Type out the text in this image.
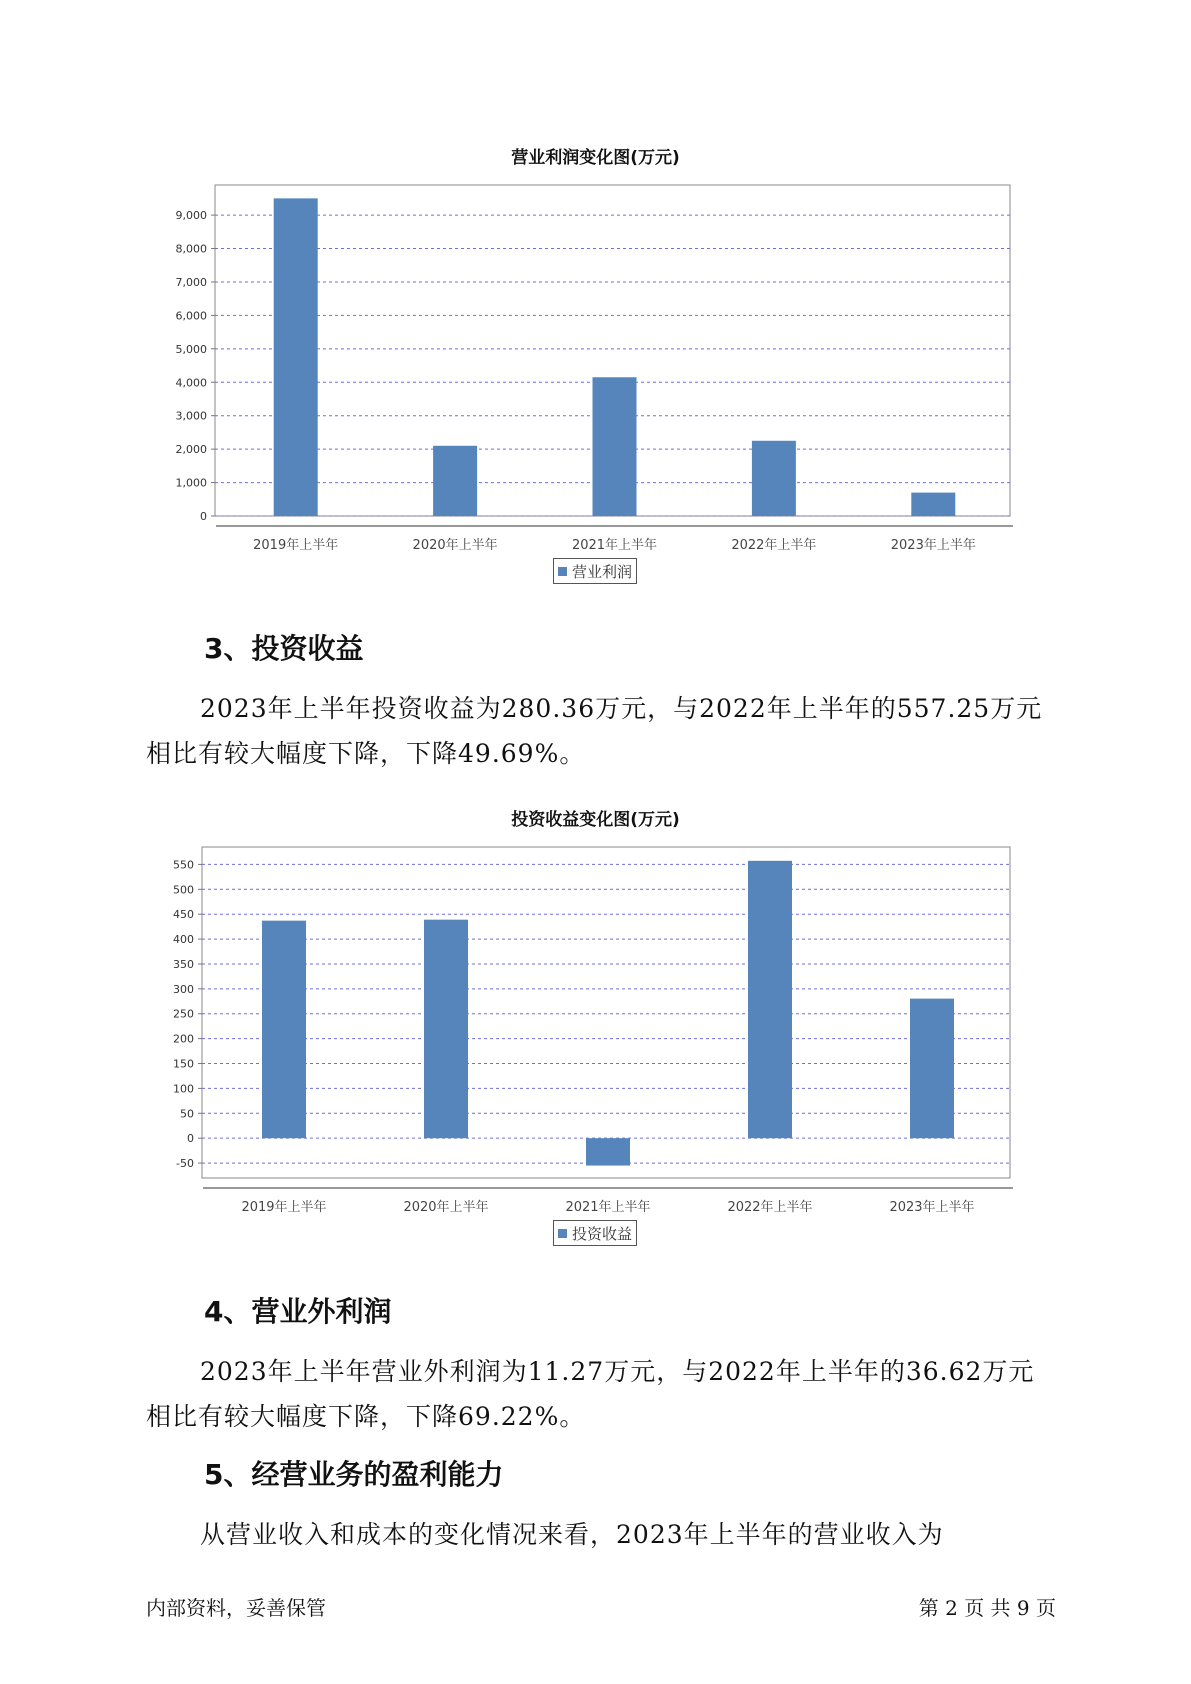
营业利润变化图(万元)
0
1,000
2,000
3,000
4,000
5,000
6,000
7,000
8,000
9,000
2019年上半年	2020年上半年	2021年上半年	2022年上半年	2023年上半年
营业利润
3、投资收益
2023年上半年投资收益为280.36万元，与2022年上半年的557.25万元
相比有较大幅度下降，下降49.69%。
投资收益变化图(万元)
-50
0
50
100
150
200
250
300
350
400
450
500
550
2019年上半年	2020年上半年	2021年上半年	2022年上半年	2023年上半年
投资收益
4、营业外利润
2023年上半年营业外利润为11.27万元，与2022年上半年的36.62万元
相比有较大幅度下降，下降69.22%。
5、经营业务的盈利能力
从营业收入和成本的变化情况来看，2023年上半年的营业收入为
内部资料，妥善保管	第 2 页 共 9 页
